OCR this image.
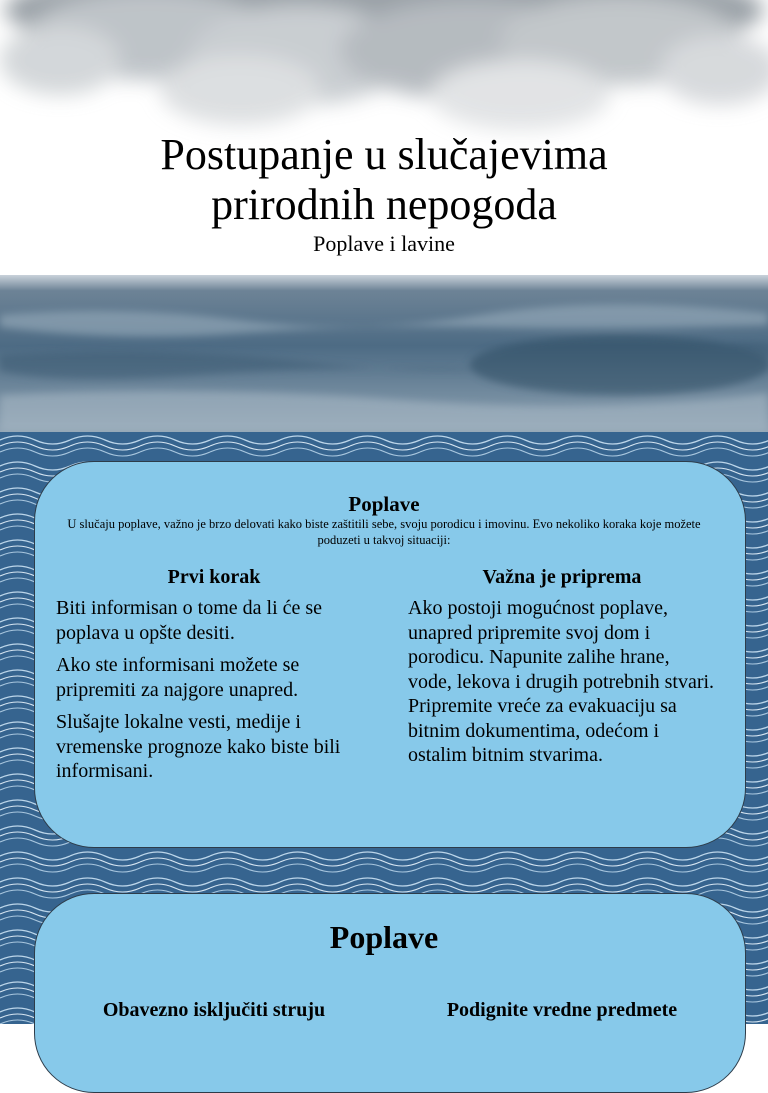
Postupanje u slučajevima
prirodnih nepogoda

Poplave i lavine

Poplave

U slučaju poplave, važno je brzo delovati kako biste zaštitili sebe, svoju porodicu i imovinu. Evo nekoliko koraka koje možete poduzeti u takvoj situaciji:

Prvi korak

Biti informisan o tome da li će se poplava u opšte desiti.

Ako ste informisani možete se pripremiti za najgore unapred.

Slušajte lokalne vesti, medije i vremenske prognoze kako biste bili informisani.

Važna je priprema

Ako postoji mogućnost poplave, unapred pripremite svoj dom i porodicu. Napunite zalihe hrane, vode, lekova i drugih potrebnih stvari. Pripremite vreće za evakuaciju sa bitnim dokumentima, odećom i ostalim bitnim stvarima.

Poplave
Obavezno isključiti struju	Podignite vredne predmete
